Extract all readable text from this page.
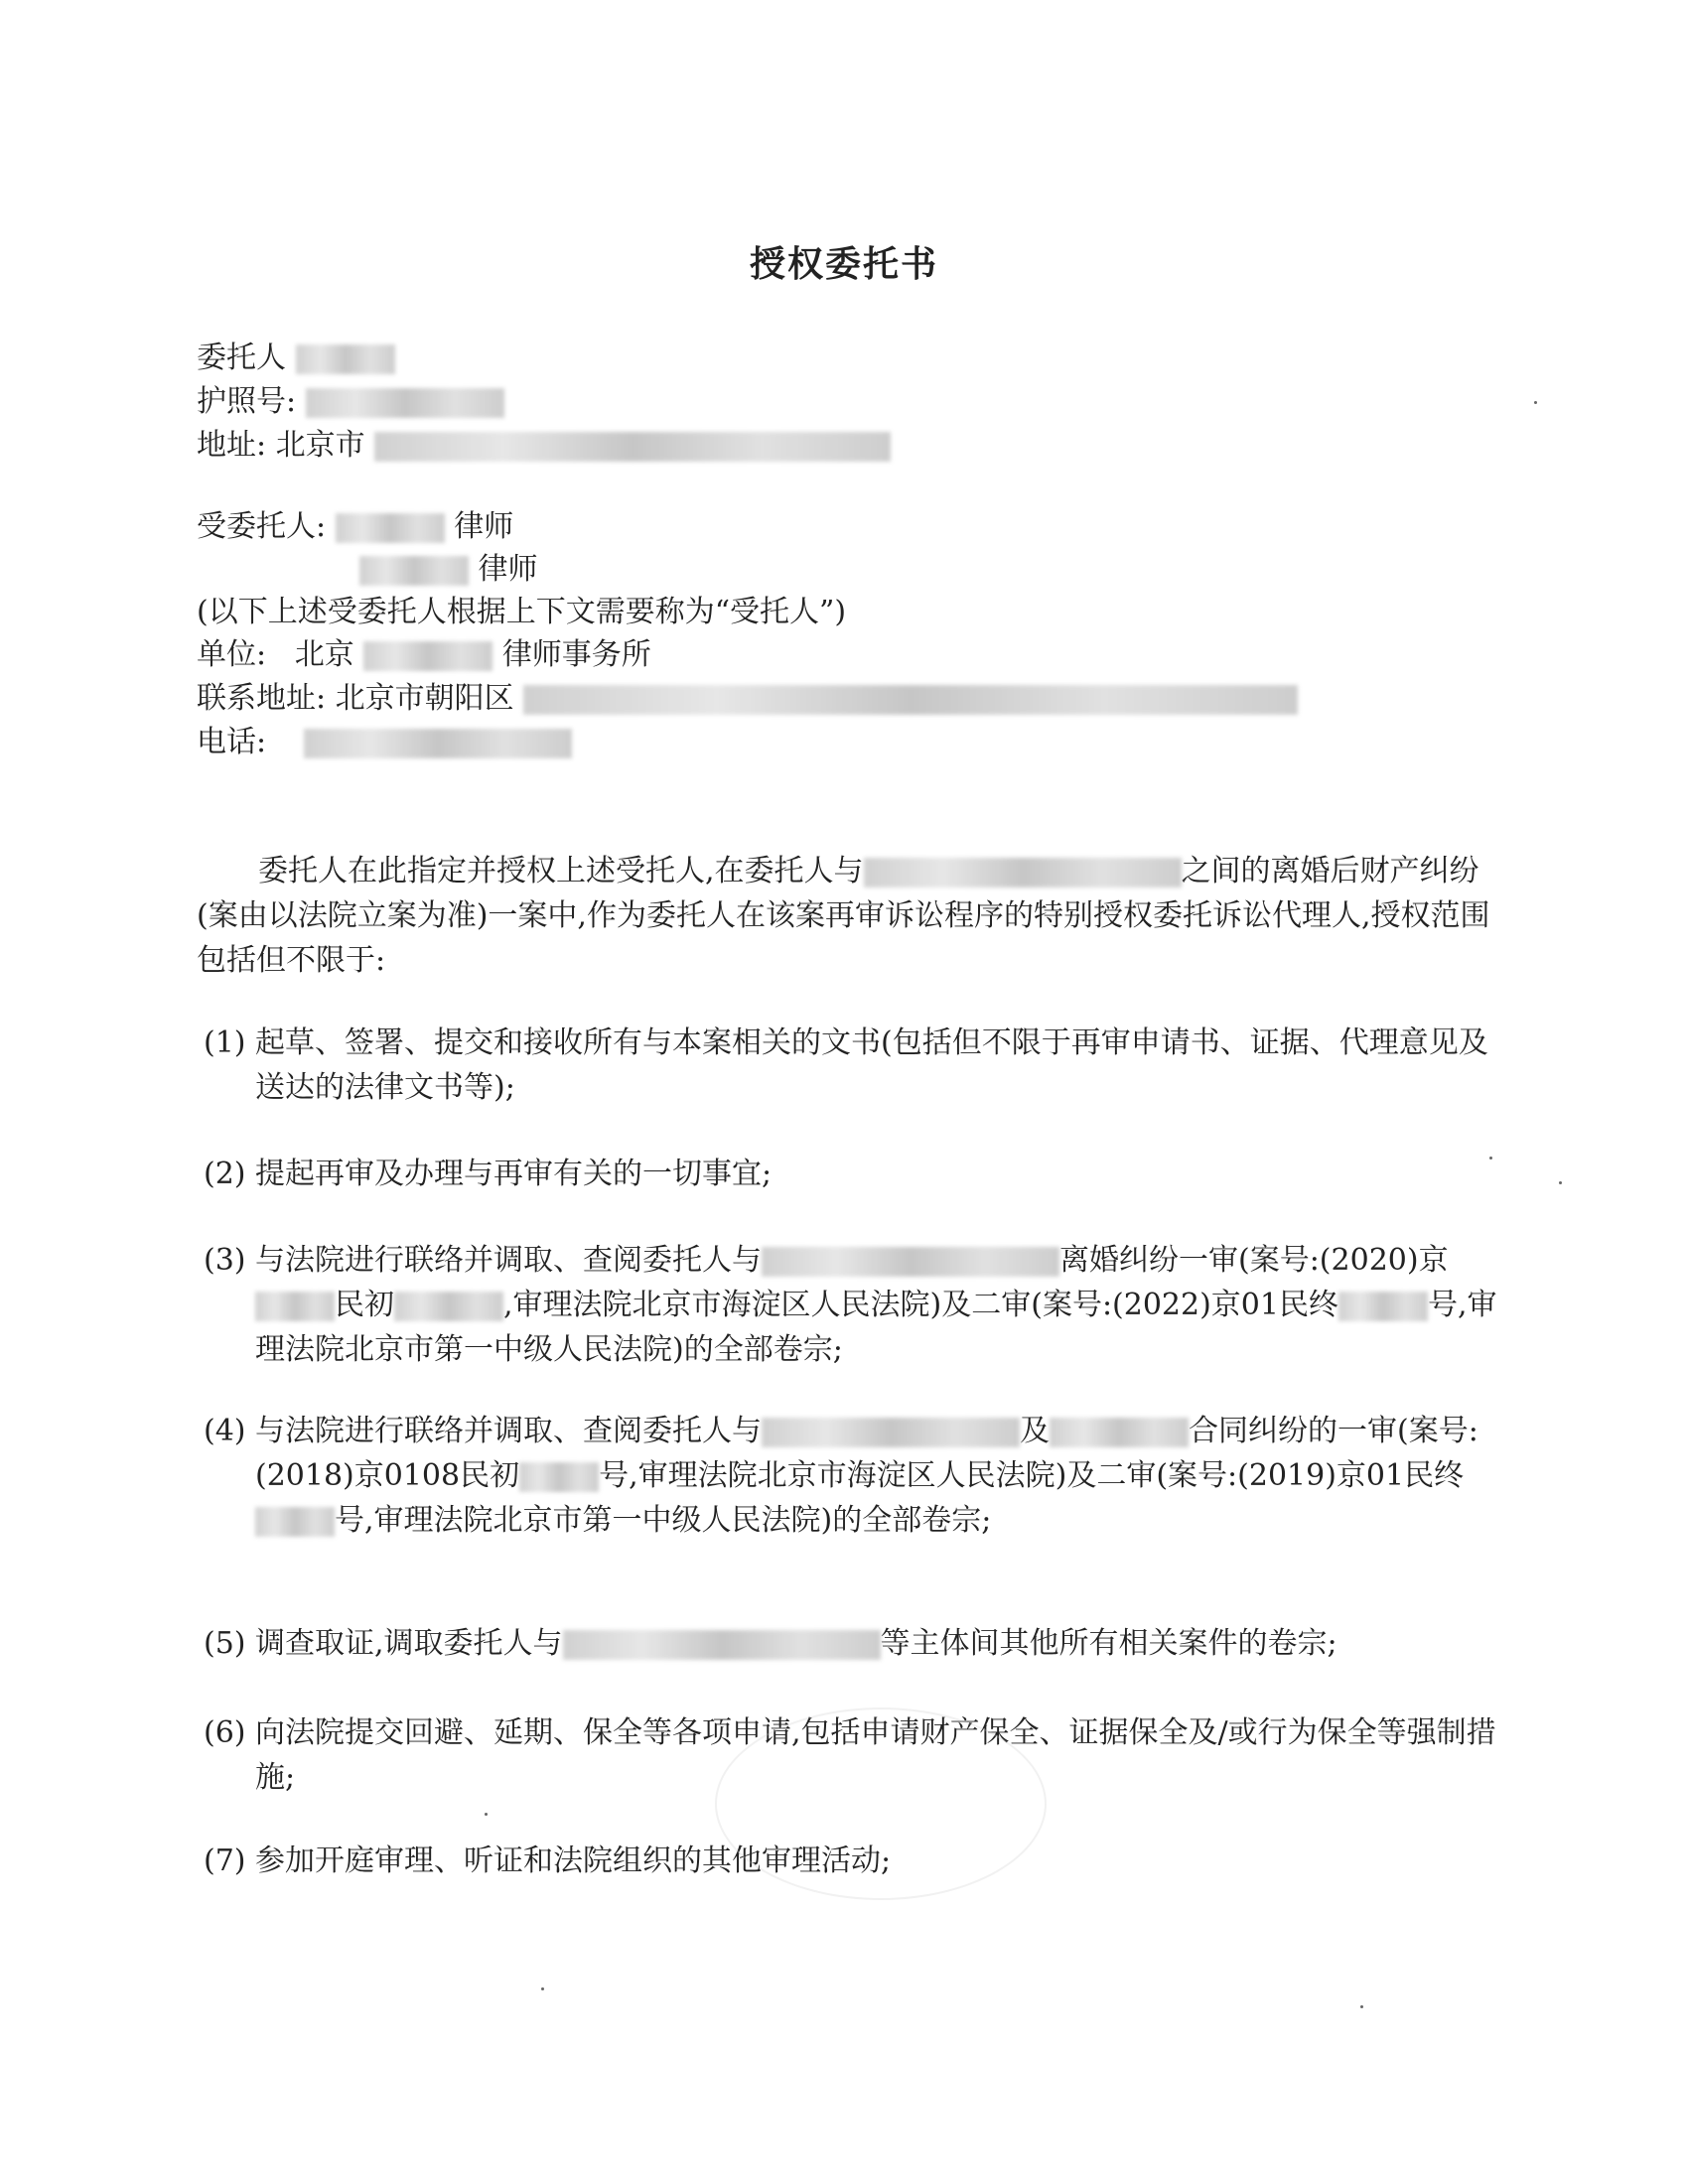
授权委托书
委托人
护照号:
地址: 北京市
受委托人:	律师
律师
(以下上述受委托人根据上下文需要称为“受托人”)
单位: 北京	律师事务所
联系地址: 北京市朝阳区
电话:
委托人在此指定并授权上述受托人,在委托人与	之间的离婚后财产纠纷(案由以法院立案为准)一案中,作为委托人在该案再审诉讼程序的特别授权委托诉讼代理人,授权范围包括但不限于:
(1) 起草、签署、提交和接收所有与本案相关的文书(包括但不限于再审申请书、证据、代理意见及送达的法律文书等);
(2) 提起再审及办理与再审有关的一切事宜;
(3) 与法院进行联络并调取、查阅委托人与	离婚纠纷一审(案号:(2020)京民初	,审理法院北京市海淀区人民法院)及二审(案号:(2022)京01民终	号,审理法院北京市第一中级人民法院)的全部卷宗;
(4) 与法院进行联络并调取、查阅委托人与	及	合同纠纷的一审(案号:(2018)京0108民初	号,审理法院北京市海淀区人民法院)及二审(案号:(2019)京01民终号,审理法院北京市第一中级人民法院)的全部卷宗;
(5) 调查取证,调取委托人与	等主体间其他所有相关案件的卷宗;
(6) 向法院提交回避、延期、保全等各项申请,包括申请财产保全、证据保全及/或行为保全等强制措施;
(7) 参加开庭审理、听证和法院组织的其他审理活动;
